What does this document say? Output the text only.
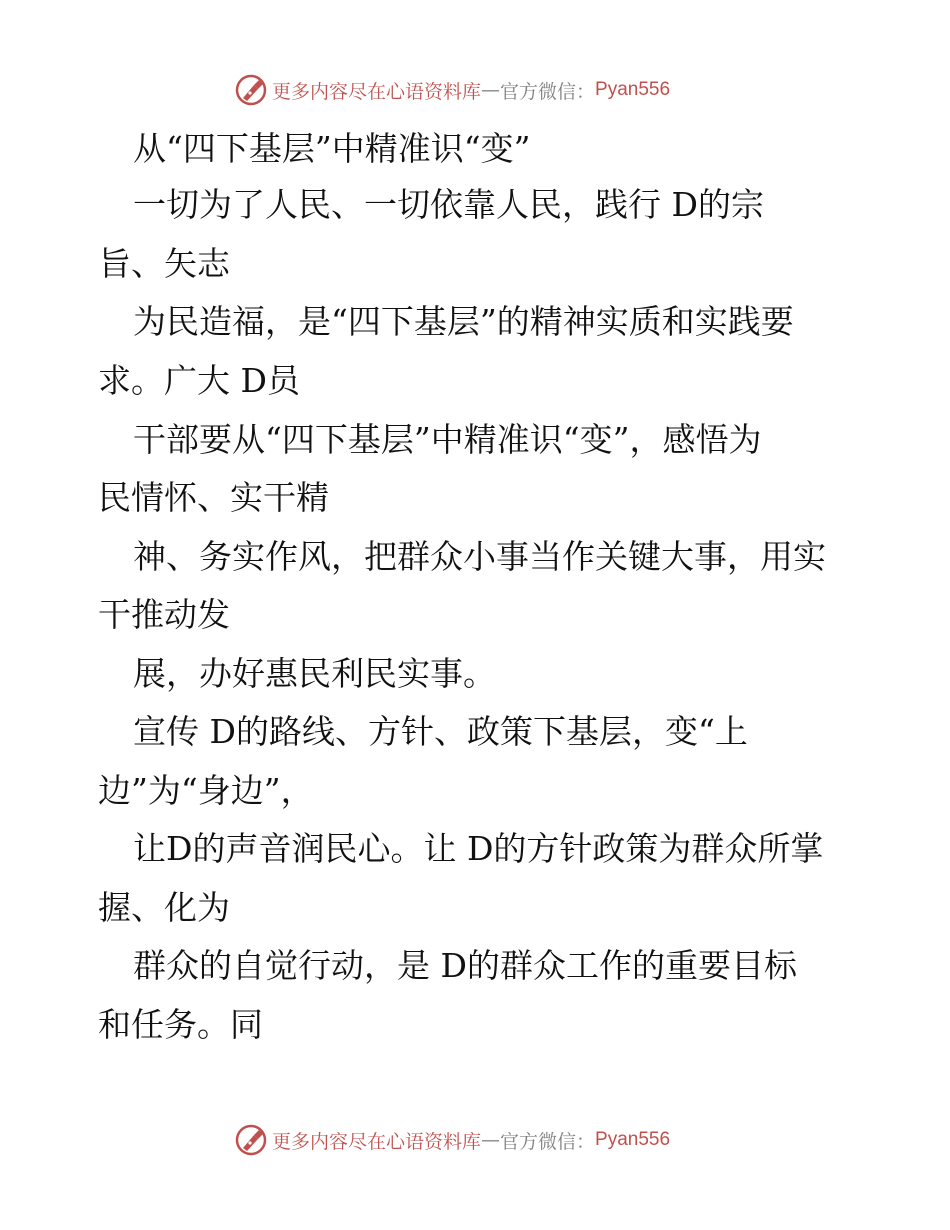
更多内容尽在心语资料库 — 官方微信： Pyan556
从“四下基层”中精准识“变”
一切为了人民、一切依靠人民，践行 D的宗
旨、矢志
为民造福，是“四下基层”的精神实质和实践要
求。广大 D员
干部要从“四下基层”中精准识“变”，感悟为
民情怀、实干精
神、务实作风，把群众小事当作关键大事，用实
干推动发
展，办好惠民利民实事。
宣传 D的路线、方针、政策下基层，变“上
边”为“身边”，
让D的声音润民心。让 D的方针政策为群众所掌
握、化为
群众的自觉行动，是 D的群众工作的重要目标
和任务。同
更多内容尽在心语资料库 — 官方微信： Pyan556
